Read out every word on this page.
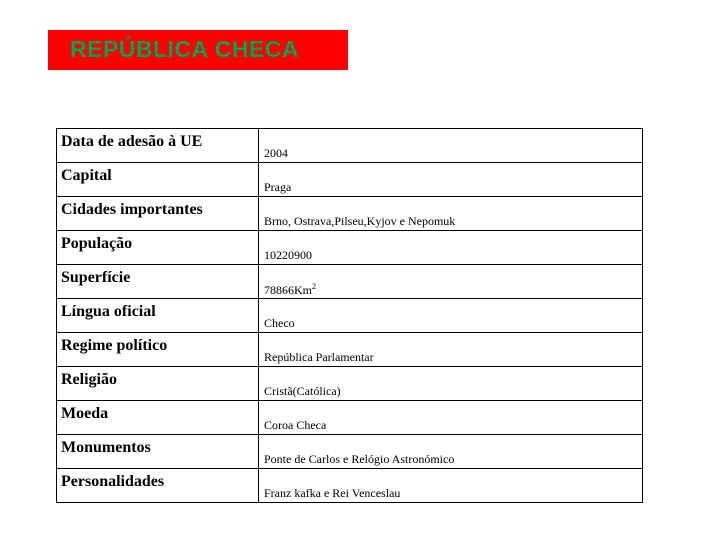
REPÚBLICA CHECA
Data de adesão à UE
2004
Capital
Praga
Cidades importantes
Brno, Ostrava,Pilseu,Kyjov e Nepomuk
População
10220900
Superfície
78866Km$^2$
Língua oficial
Checo
Regime político
República Parlamentar
Religião
Cristã(Católica)
Moeda
Coroa Checa
Monumentos
Ponte de Carlos e Relógio Astronómico
Personalidades
Franz kafka e Rei Venceslau
